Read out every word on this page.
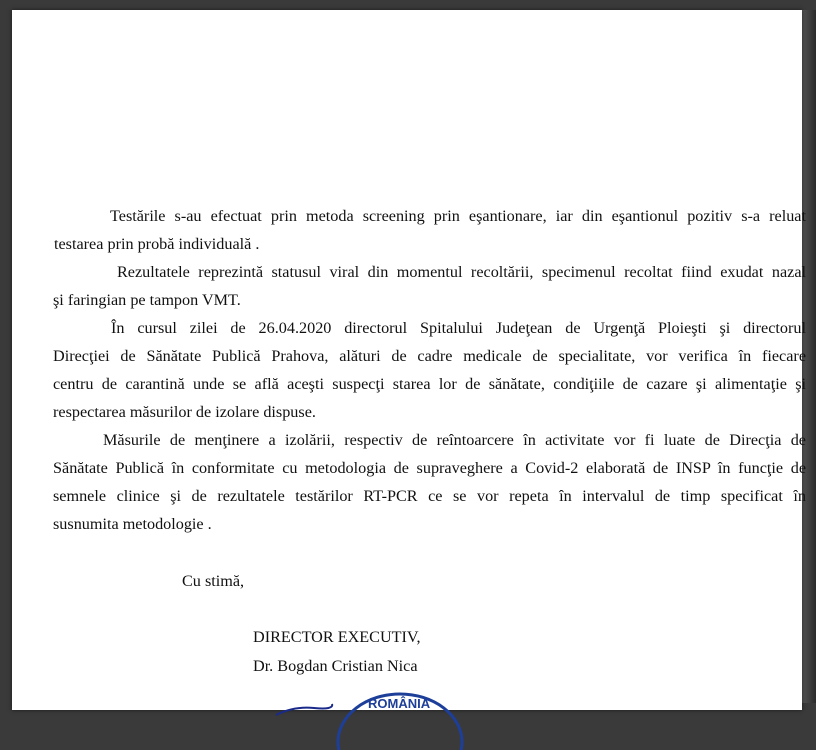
Testările s-au efectuat prin metoda screening prin eşantionare, iar din eşantionul pozitiv s-a reluat
testarea prin probă individuală .
Rezultatele reprezintă statusul viral din momentul recoltării, specimenul recoltat fiind exudat nazal
şi faringian pe tampon VMT.
În cursul zilei de 26.04.2020 directorul Spitalului Judeţean de Urgenţă Ploieşti şi directorul
Direcţiei de Sănătate Publică Prahova, alături de cadre medicale de specialitate, vor verifica în fiecare
centru de carantină unde se află aceşti suspecţi starea lor de sănătate, condiţiile de cazare şi alimentaţie şi
respectarea măsurilor de izolare dispuse.
Măsurile de menţinere a izolării, respectiv de reîntoarcere în activitate vor fi luate de Direcţia de
Sănătate Publică în conformitate cu metodologia de supraveghere a Covid-2 elaborată de INSP în funcţie de
semnele clinice şi de rezultatele testărilor RT-PCR ce se vor repeta în intervalul de timp specificat în
susnumita metodologie .
Cu stimă,
DIRECTOR EXECUTIV,
Dr. Bogdan Cristian Nica
ROMÂNIA
